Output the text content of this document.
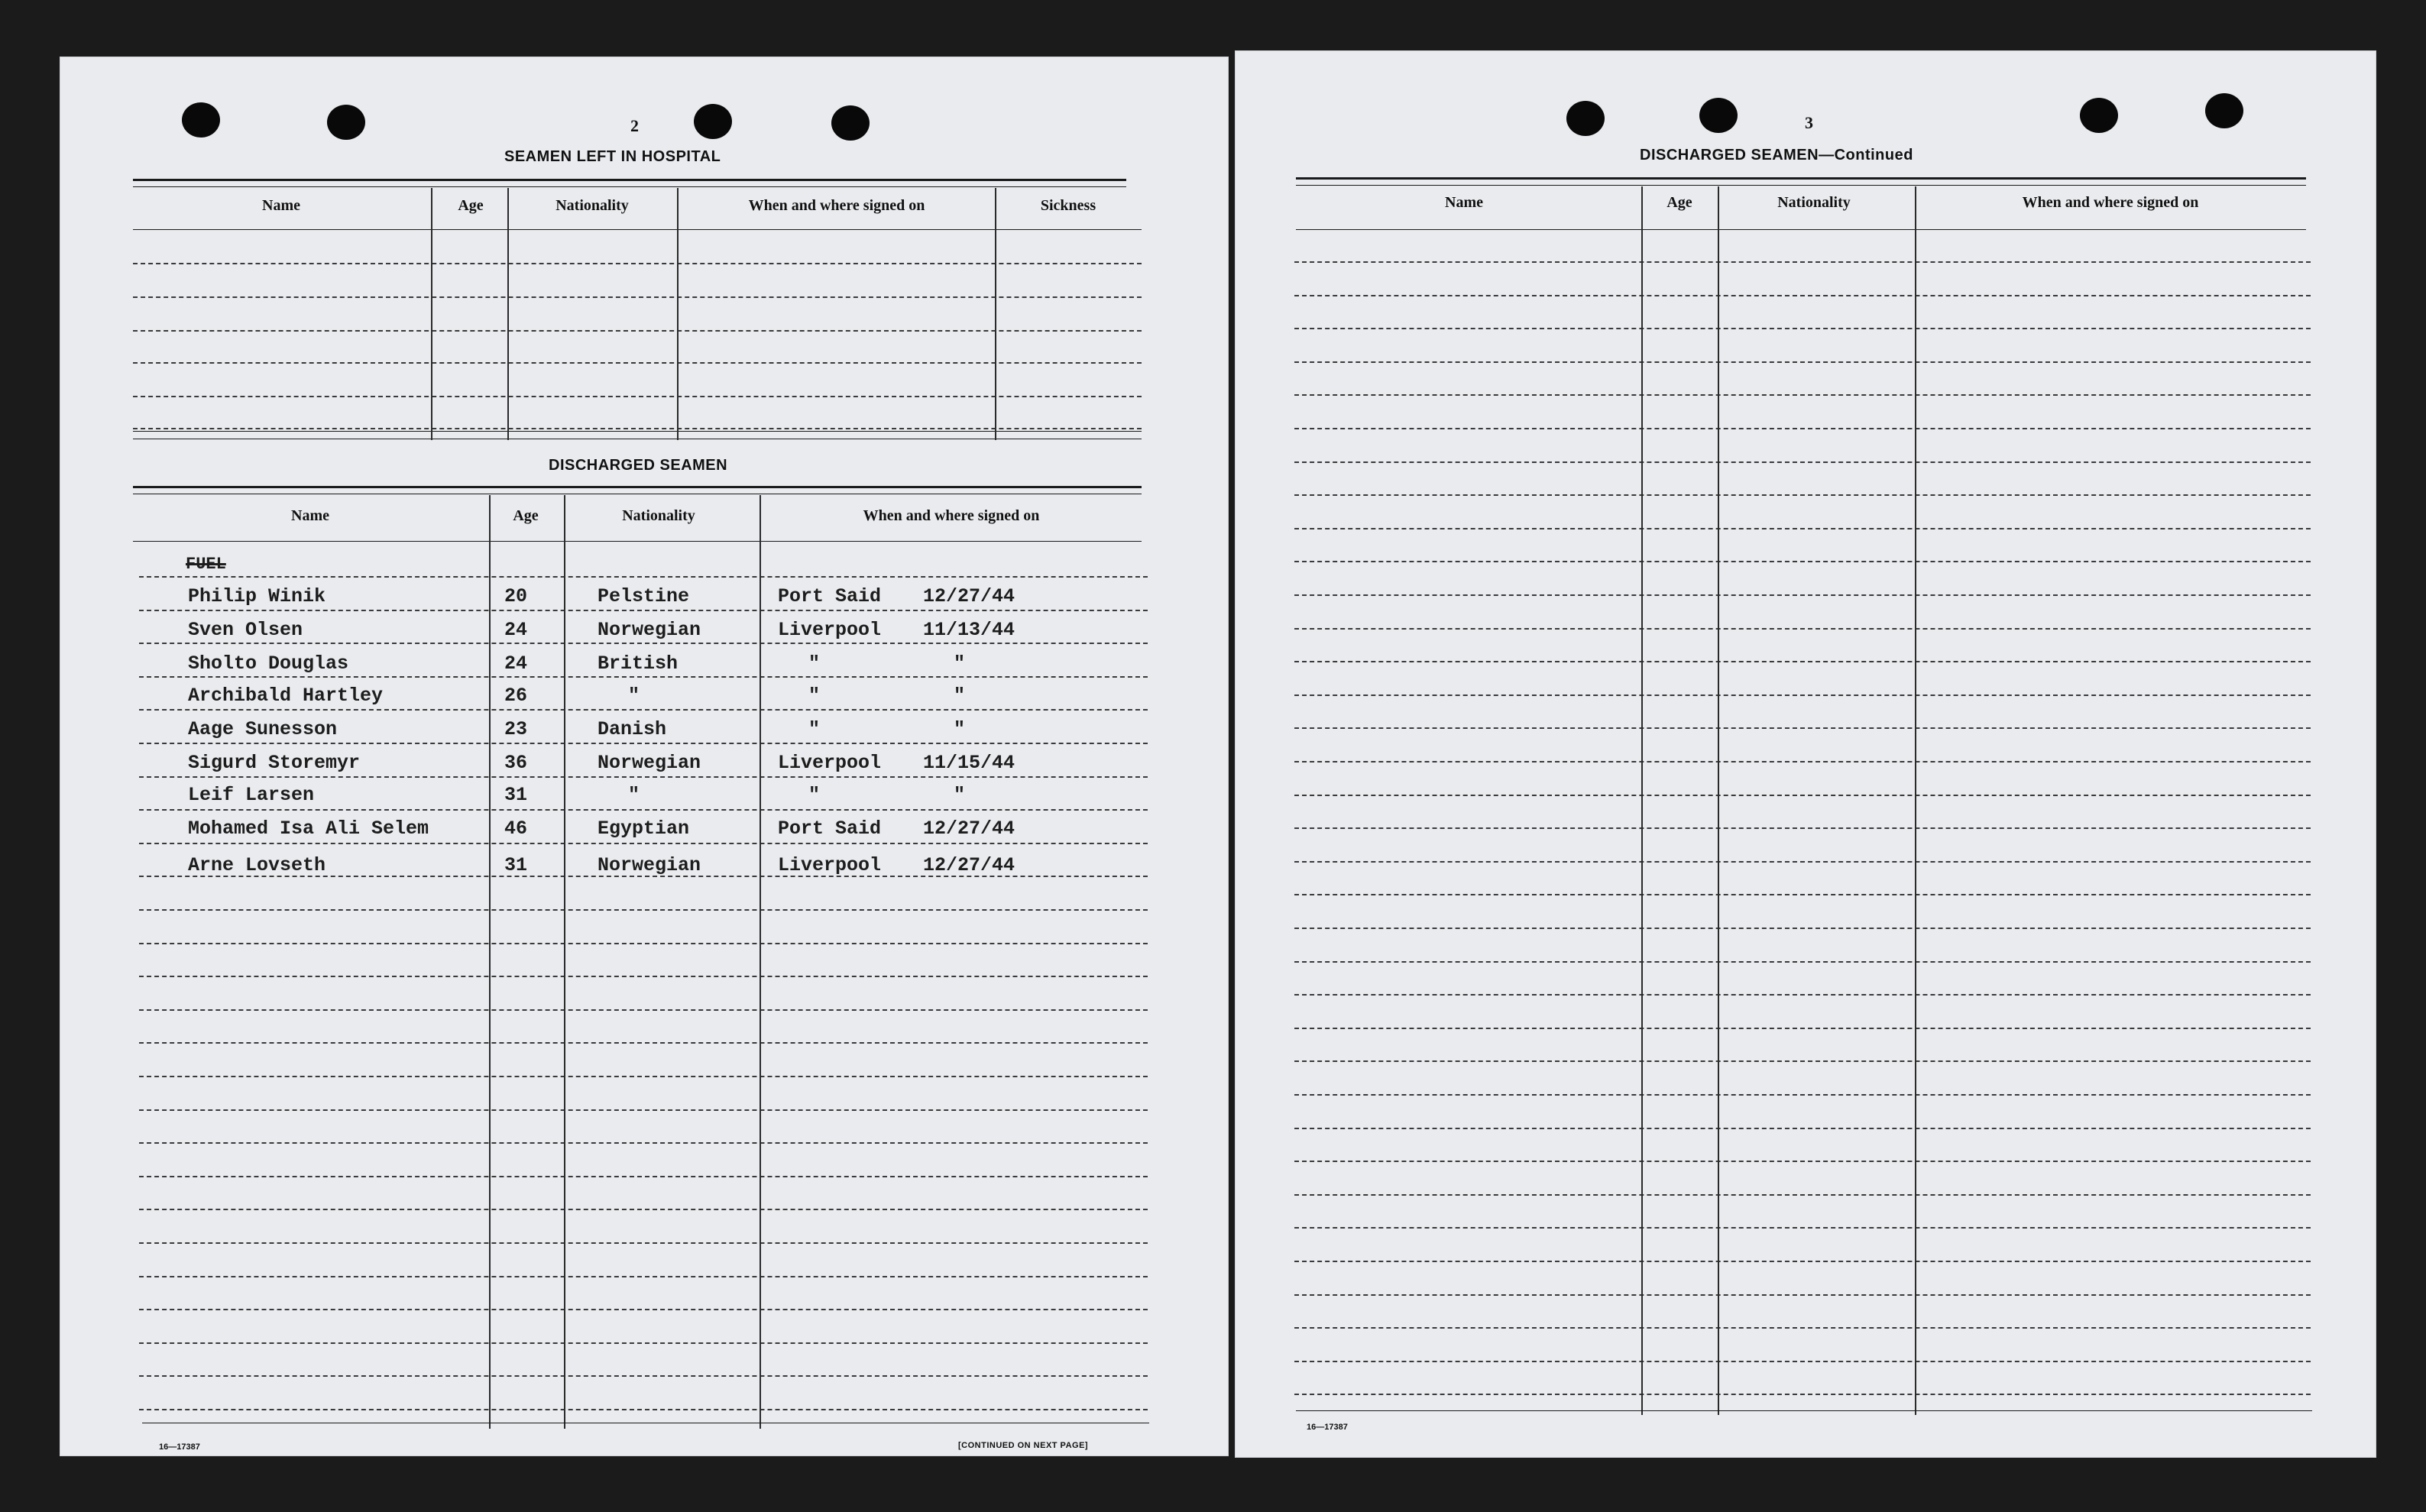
2
SEAMEN LEFT IN HOSPITAL
Name	Age	Nationality	When and where signed on	Sickness
DISCHARGED SEAMEN
Name	Age	Nationality	When and where signed on
FUEL
Philip Winik	20	Pelstine	Port Said 12/27/44
Sven Olsen	24	Norwegian	Liverpool 11/13/44
Sholto Douglas	24	British	"	"
Archibald Hartley	26	"	"	"
Aage Sunesson	23	Danish	"	"
Sigurd Storemyr	36	Norwegian	Liverpool 11/15/44
Leif Larsen	31	"	"	"
Mohamed Isa Ali Selem	46	Egyptian	Port Said 12/27/44
Arne Lovseth	31	Norwegian	Liverpool 12/27/44
16—17387	[CONTINUED ON NEXT PAGE]
3
DISCHARGED SEAMEN—Continued
Name	Age	Nationality	When and where signed on
16—17387
